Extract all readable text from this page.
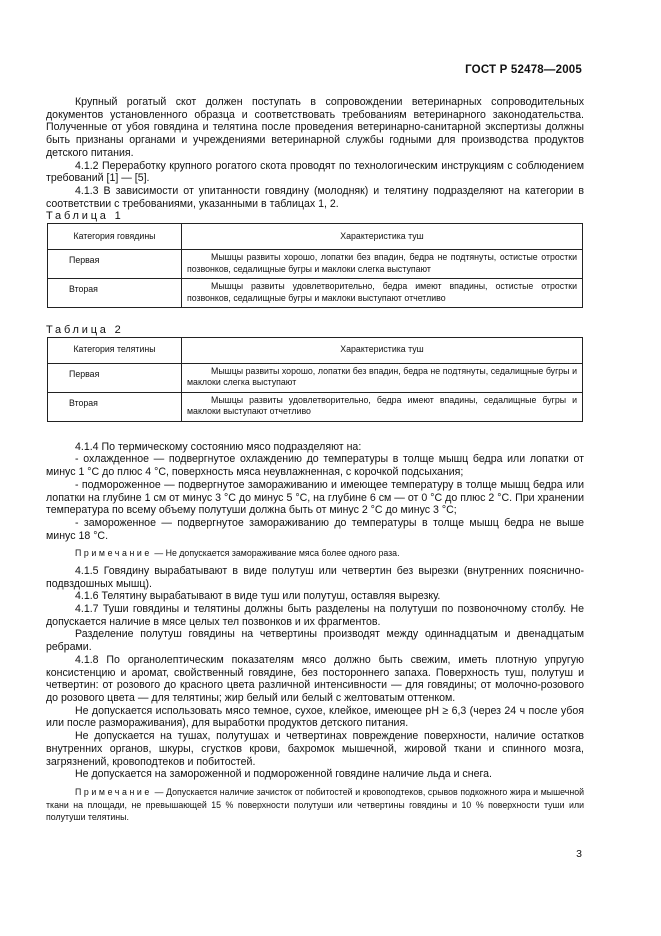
ГОСТ Р 52478—2005

Крупный рогатый скот должен поступать в сопровождении ветеринарных сопроводительных документов установленного образца и соответствовать требованиям ветеринарного законодательства. Полученные от убоя говядина и телятина после проведения ветеринарно-санитарной экспертизы должны быть признаны органами и учреждениями ветеринарной службы годными для производства продуктов детского питания.

4.1.2 Переработку крупного рогатого скота проводят по технологическим инструкциям с соблюдением требований [1] — [5].

4.1.3 В зависимости от упитанности говядину (молодняк) и телятину подразделяют на категории в соответствии с требованиями, указанными в таблицах 1, 2.

Таблица 1

Категория говядины	Характеристика туш
Первая	Мышцы развиты хорошо, лопатки без впадин, бедра не подтянуты, остистые отростки позвонков, седалищные бугры и маклоки слегка выступают
Вторая	Мышцы развиты удовлетворительно, бедра имеют впадины, остистые отростки позвонков, седалищные бугры и маклоки выступают отчетливо

Таблица 2

Категория телятины	Характеристика туш
Первая	Мышцы развиты хорошо, лопатки без впадин, бедра не подтянуты, седалищные бугры и маклоки слегка выступают
Вторая	Мышцы развиты удовлетворительно, бедра имеют впадины, седалищные бугры и маклоки выступают отчетливо

4.1.4 По термическому состоянию мясо подразделяют на:

- охлажденное — подвергнутое охлаждению до температуры в толще мышц бедра или лопатки от минус 1 °С до плюс 4 °С, поверхность мяса неувлажненная, с корочкой подсыхания;

- подмороженное — подвергнутое замораживанию и имеющее температуру в толще мышц бедра или лопатки на глубине 1 см от минус 3 °С до минус 5 °С, на глубине 6 см — от 0 °С до плюс 2 °С. При хранении температура по всему объему полутуши должна быть от минус 2 °С до минус 3 °С;

- замороженное — подвергнутое замораживанию до температуры в толще мышц бедра не выше минус 18 °С.

Примечание — Не допускается замораживание мяса более одного раза.

4.1.5 Говядину вырабатывают в виде полутуш или четвертин без вырезки (внутренних пояснично-подвздошных мышц).

4.1.6 Телятину вырабатывают в виде туш или полутуш, оставляя вырезку.

4.1.7 Туши говядины и телятины должны быть разделены на полутуши по позвоночному столбу. Не допускается наличие в мясе целых тел позвонков и их фрагментов.

Разделение полутуш говядины на четвертины производят между одиннадцатым и двенадцатым ребрами.

4.1.8 По органолептическим показателям мясо должно быть свежим, иметь плотную упругую консистенцию и аромат, свойственный говядине, без постороннего запаха. Поверхность туш, полутуш и четвертин: от розового до красного цвета различной интенсивности — для говядины; от молочно-розового до розового цвета — для телятины; жир белый или белый с желтоватым оттенком.

Не допускается использовать мясо темное, сухое, клейкое, имеющее рН ≥ 6,3 (через 24 ч после убоя или после размораживания), для выработки продуктов детского питания.

Не допускается на тушах, полутушах и четвертинах повреждение поверхности, наличие остатков внутренних органов, шкуры, сгустков крови, бахромок мышечной, жировой ткани и спинного мозга, загрязнений, кровоподтеков и побитостей.

Не допускается на замороженной и подмороженной говядине наличие льда и снега.

Примечание — Допускается наличие зачисток от побитостей и кровоподтеков, срывов подкожного жира и мышечной ткани на площади, не превышающей 15 % поверхности полутуши или четвертины говядины и 10 % поверхности туши или полутуши телятины.

3
